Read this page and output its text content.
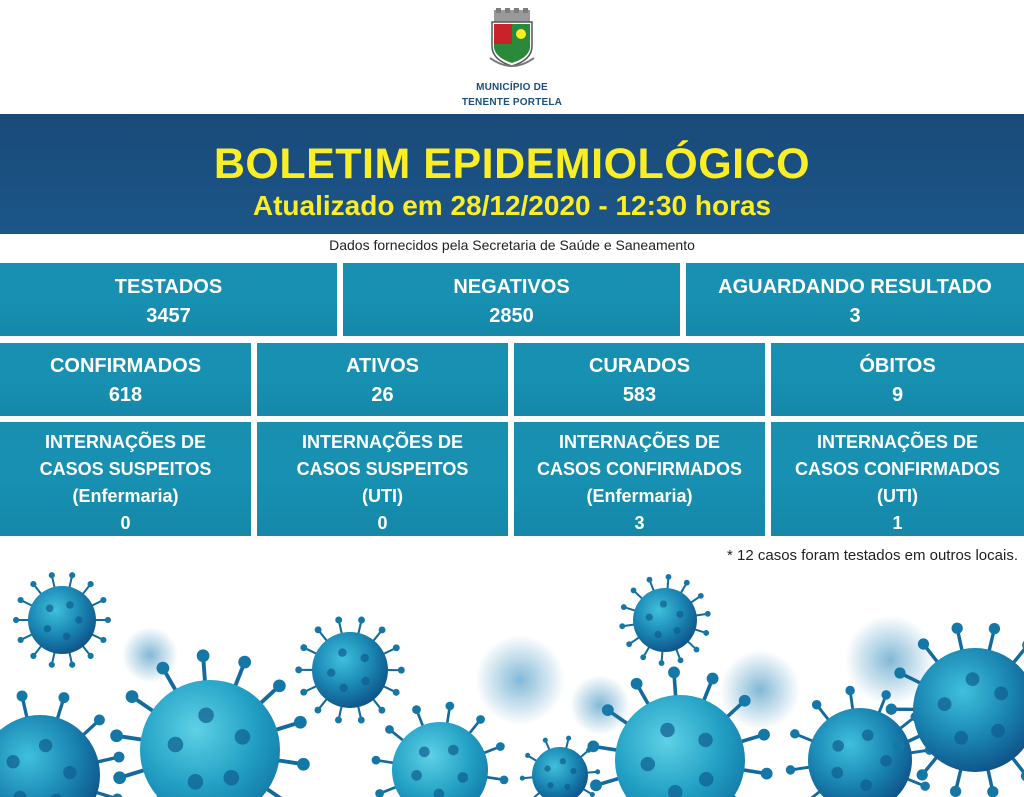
MUNICÍPIO DE
TENENTE PORTELA
BOLETIM EPIDEMIOLÓGICO
Atualizado em 28/12/2020 - 12:30 horas
Dados fornecidos pela Secretaria de Saúde e Saneamento
TESTADOS
3457
NEGATIVOS
2850
AGUARDANDO RESULTADO
3
CONFIRMADOS
618
ATIVOS
26
CURADOS
583
ÓBITOS
9
INTERNAÇÕES DE
CASOS SUSPEITOS
(Enfermaria)
0
INTERNAÇÕES DE
CASOS SUSPEITOS
(UTI)
0
INTERNAÇÕES DE
CASOS CONFIRMADOS
(Enfermaria)
3
INTERNAÇÕES DE
CASOS CONFIRMADOS
(UTI)
1
* 12 casos foram testados em outros locais.
